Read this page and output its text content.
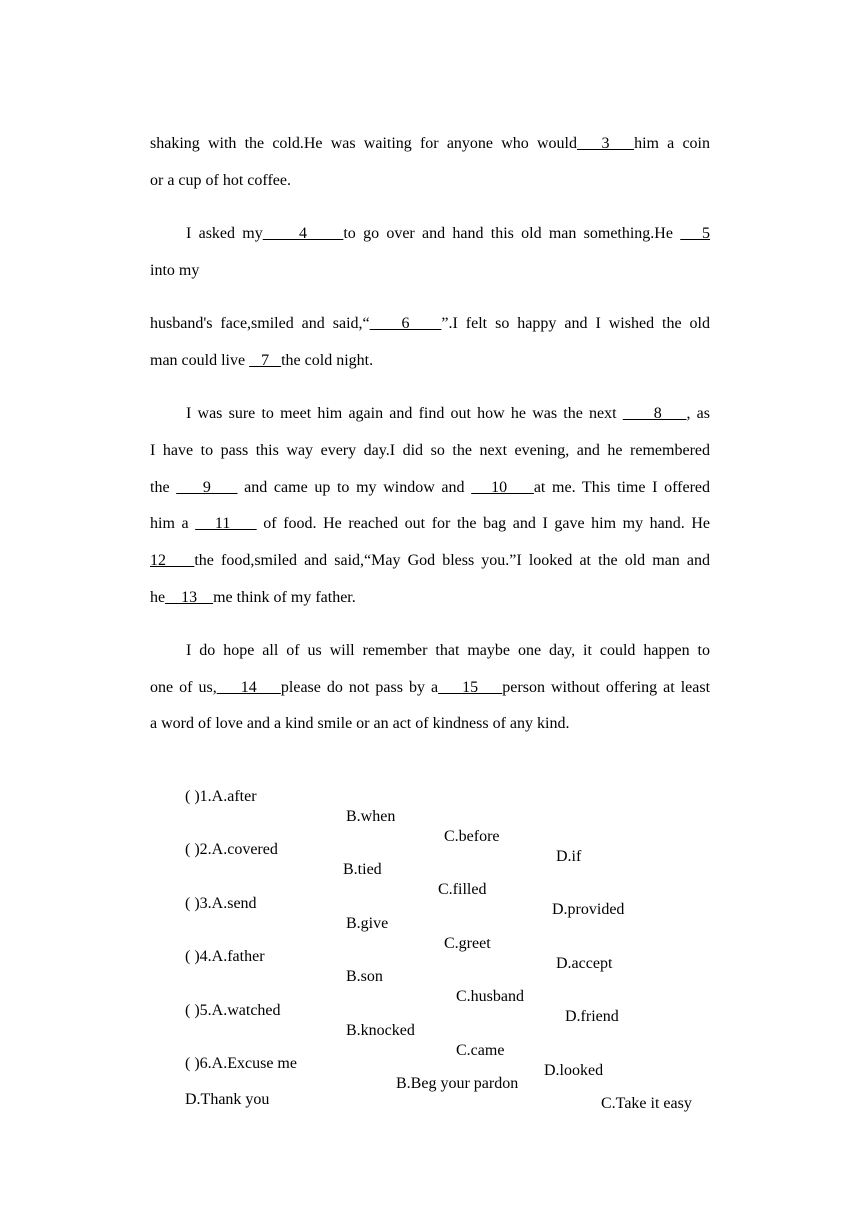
shaking with the cold.He was waiting for anyone who would   3   him a coin
or a cup of hot coffee.
I asked my     4     to go over and hand this old man something.He    5
into my
husband's face,smiled and said,“    6    ”.I felt so happy and I wished the old
man could live    7   the cold night.
I was sure to meet him again and find out how he was the next      8    , as
I have to pass this way every day.I did so the next evening, and he remembered
the     9     and came up to my window and    10    at me. This time I offered
him a    11     of food. He reached out for the bag and I gave him my hand. He
12    the food,smiled and said,“May God bless you.”I looked at the old man and
he    13    me think of my father.
I do hope all of us will remember that maybe one day, it could happen to
one of us,    14    please do not pass by a    15    person without offering at least
a word of love and a kind smile or an act of kindness of any kind.

( )1.A.after

B.when

C.before

D.if

( )2.A.covered

B.tied

C.filled

D.provided

( )3.A.send

B.give

C.greet

D.accept

( )4.A.father

B.son

C.husband

D.friend

( )5.A.watched

B.knocked

C.came

D.looked

( )6.A.Excuse me

B.Beg your pardon

C.Take it easy

D.Thank you
